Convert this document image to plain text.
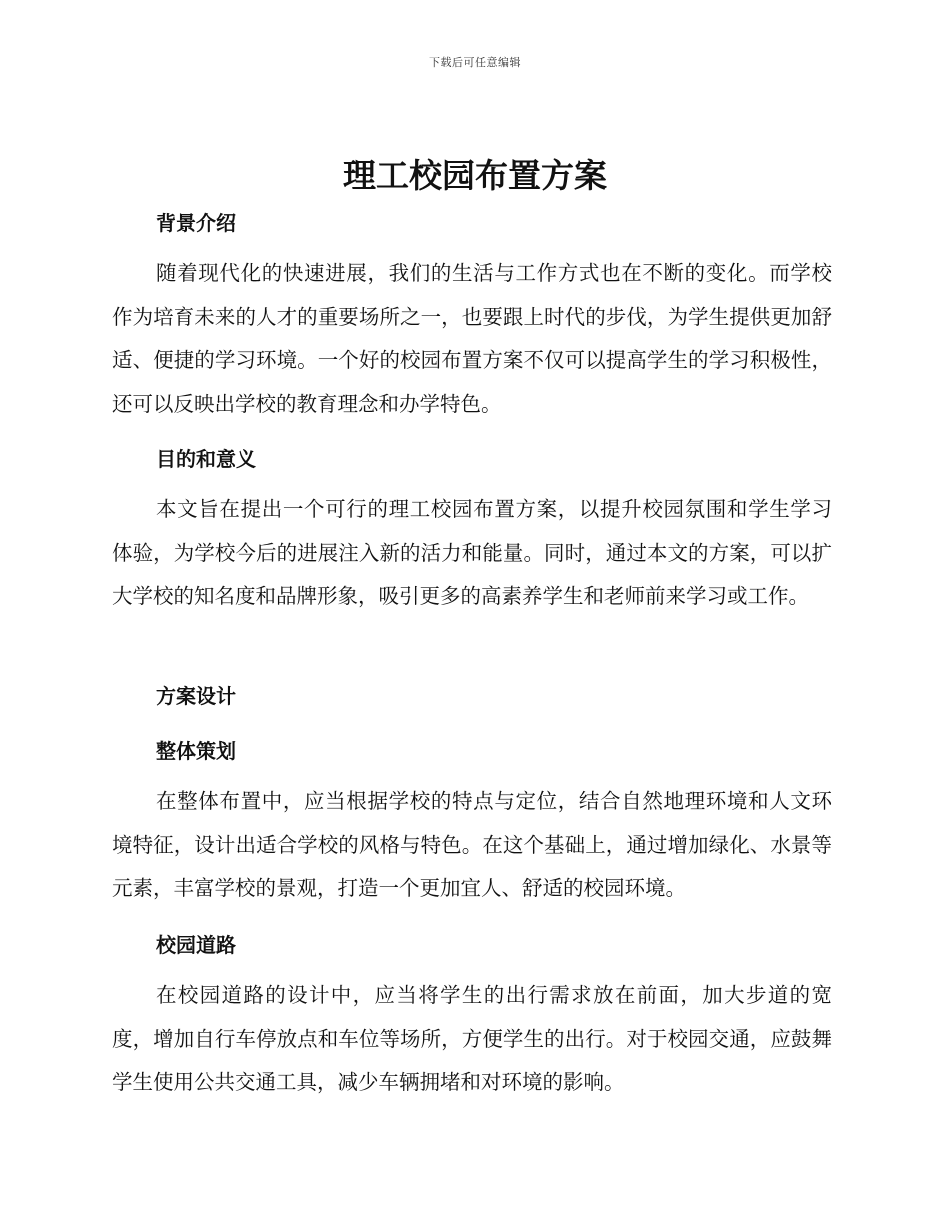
下载后可任意编辑
理工校园布置方案
背景介绍

随着现代化的快速进展，我们的生活与工作方式也在不断的变化。而学校作为培育未来的人才的重要场所之一，也要跟上时代的步伐，为学生提供更加舒适、便捷的学习环境。一个好的校园布置方案不仅可以提高学生的学习积极性，还可以反映出学校的教育理念和办学特色。

目的和意义

本文旨在提出一个可行的理工校园布置方案，以提升校园氛围和学生学习体验，为学校今后的进展注入新的活力和能量。同时，通过本文的方案，可以扩大学校的知名度和品牌形象，吸引更多的高素养学生和老师前来学习或工作。

方案设计
整体策划

在整体布置中，应当根据学校的特点与定位，结合自然地理环境和人文环境特征，设计出适合学校的风格与特色。在这个基础上，通过增加绿化、水景等元素，丰富学校的景观，打造一个更加宜人、舒适的校园环境。

校园道路

在校园道路的设计中，应当将学生的出行需求放在前面，加大步道的宽度，增加自行车停放点和车位等场所，方便学生的出行。对于校园交通，应鼓舞学生使用公共交通工具，减少车辆拥堵和对环境的影响。
